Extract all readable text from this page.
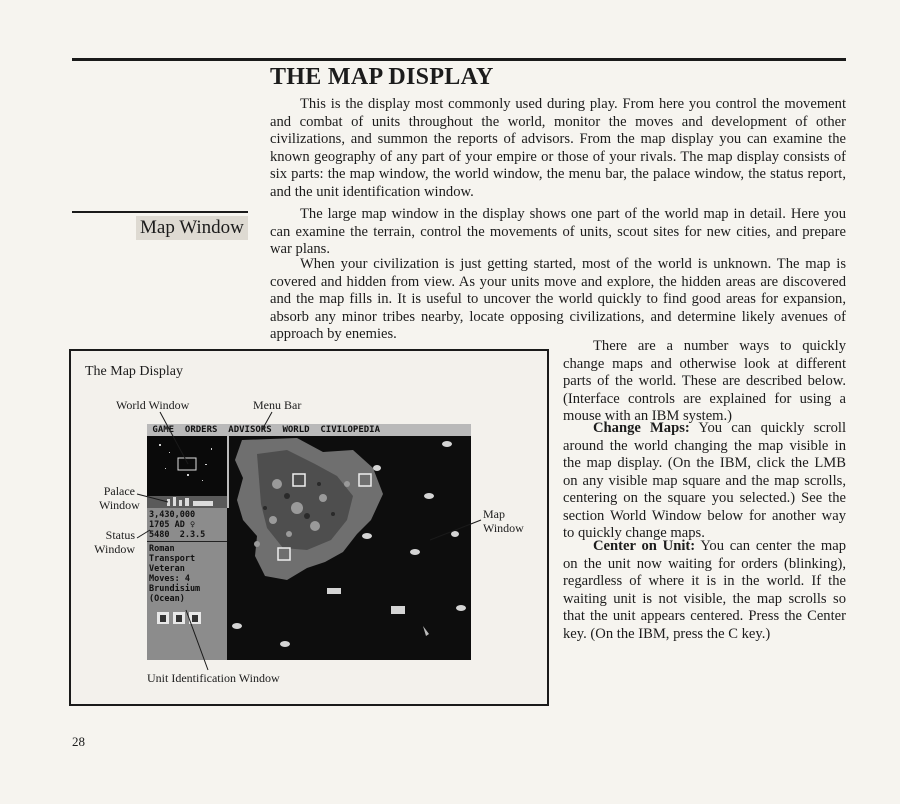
THE MAP DISPLAY

This is the display most commonly used during play. From here you control the movement and combat of units throughout the world, monitor the moves and development of other civilizations, and summon the reports of advisors. From the map display you can examine the known geography of any part of your empire or those of your rivals. The map display consists of six parts: the map window, the world window, the menu bar, the palace window, the status report, and the unit identification window.

Map Window

The large map window in the display shows one part of the world map in detail. Here you can examine the terrain, control the movements of units, scout sites for new cities, and prepare war plans.

When your civilization is just getting started, most of the world is unknown. The map is covered and hidden from view. As your units move and explore, the hidden areas are discovered and the map fills in. It is useful to uncover the world quickly to find good areas for expansion, absorb any minor tribes nearby, locate opposing civilizations, and determine likely avenues of approach by enemies.

There are a number ways to quickly change maps and otherwise look at different parts of the world. These are described below. (Interface controls are explained for using a mouse with an IBM system.)

Change Maps: You can quickly scroll around the world changing the map visible in the map display. (On the IBM, click the LMB on any visible map square and the map scrolls, centering on the square you selected.) See the section World Window below for another way to quickly change maps.

Center on Unit: You can center the map on the unit now waiting for orders (blinking), regardless of where it is in the world. If the waiting unit is not visible, the map scrolls so that the unit appears centered. Press the Center key. (On the IBM, press the C key.)

The Map Display
World Window	Menu Bar
Palace
Window
Status
Window
Map
Window
Unit Identification Window
GAME  ORDERS  ADVISORS  WORLD  CIVILOPEDIA
3,430,000
1705 AD ♀
5480  2.3.5
Roman
Transport
Veteran
Moves: 4
Brundisium
(Ocean)
28
